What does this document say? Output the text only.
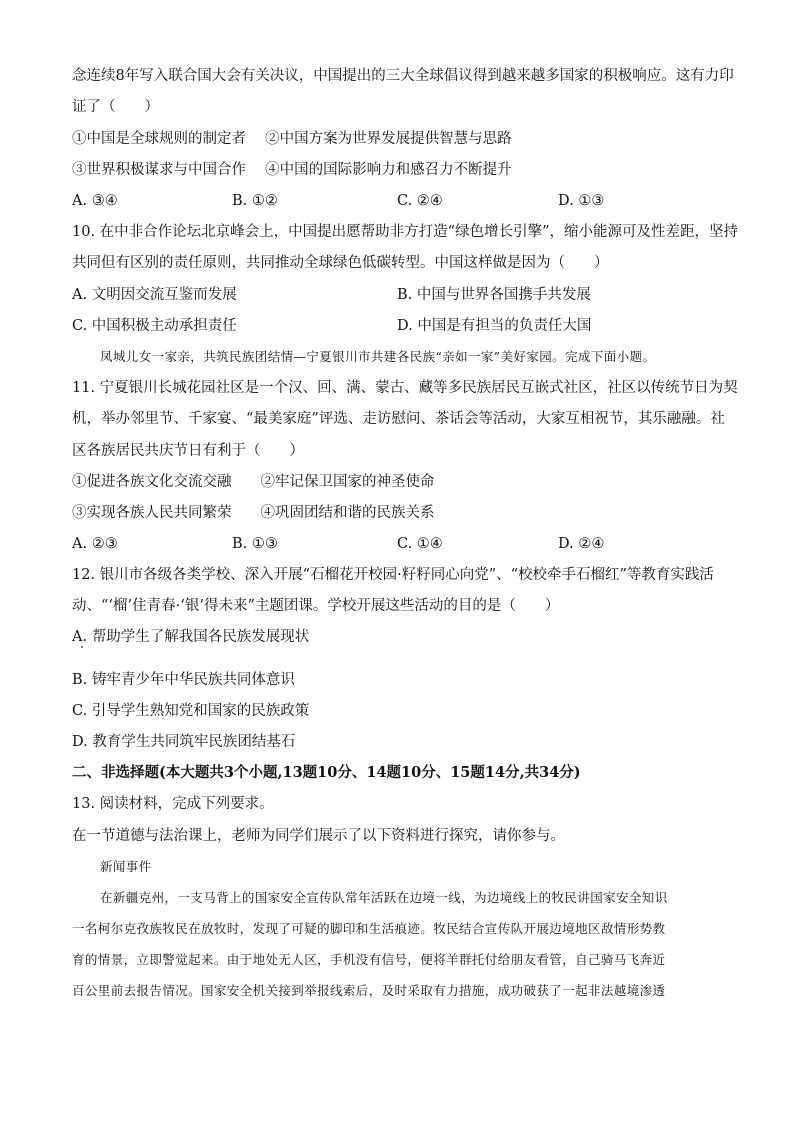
念连续8年写入联合国大会有关决议，中国提出的三大全球倡议得到越来越多国家的积极响应。这有力印
证了（　　）
①中国是全球规则的制定者　 ②中国方案为世界发展提供智慧与思路
③世界积极谋求与中国合作　 ④中国的国际影响力和感召力不断提升
A. ③④	B. ①②	C. ②④	D. ①③
10. 在中非合作论坛北京峰会上，中国提出愿帮助非方打造“绿色增长引擎”，缩小能源可及性差距，坚持
共同但有区别的责任原则，共同推动全球绿色低碳转型。中国这样做是因为（　　）
A. 文明因交流互鉴而发展	B. 中国与世界各国携手共发展
C. 中国积极主动承担责任	D. 中国是有担当的负责任大国
凤城儿女一家亲，共筑民族团结情—宁夏银川市共建各民族“亲如一家”美好家园。完成下面小题。
11. 宁夏银川长城花园社区是一个汉、回、满、蒙古、藏等多民族居民互嵌式社区，社区以传统节日为契
机，举办邻里节、千家宴、“最美家庭”评选、走访慰问、茶话会等活动，大家互相祝节，其乐融融。社
区各族居民共庆节日有利于（　　）
①促进各族文化交流交融　　②牢记保卫国家的神圣使命
③实现各族人民共同繁荣　　④巩固团结和谐的民族关系
A. ②③	B. ①③	C. ①④	D. ②④
12. 银川市各级各类学校、深入开展“石榴花开校园·籽籽同心向党”、“校校牵手石榴红”等教育实践活
动、“‘榴’住青春·‘银’得未来”主题团课。学校开展这些活动的目的是（　　）
A. 帮助学生了解我国各民族发展现状
B. 铸牢青少年中华民族共同体意识
C. 引导学生熟知党和国家的民族政策
D. 教育学生共同筑牢民族团结基石
二、非选择题(本大题共3个小题,13题10分、14题10分、15题14分,共34分)
13. 阅读材料，完成下列要求。
在一节道德与法治课上，老师为同学们展示了以下资料进行探究，请你参与。
新闻事件
在新疆克州，一支马背上的国家安全宣传队常年活跃在边境一线，为边境线上的牧民讲国家安全知识
一名柯尔克孜族牧民在放牧时，发现了可疑的脚印和生活痕迹。牧民结合宣传队开展边境地区敌情形势教
育的情景，立即警觉起来。由于地处无人区，手机没有信号，便将羊群托付给朋友看管，自己骑马飞奔近
百公里前去报告情况。国家安全机关接到举报线索后，及时采取有力措施，成功破获了一起非法越境渗透
